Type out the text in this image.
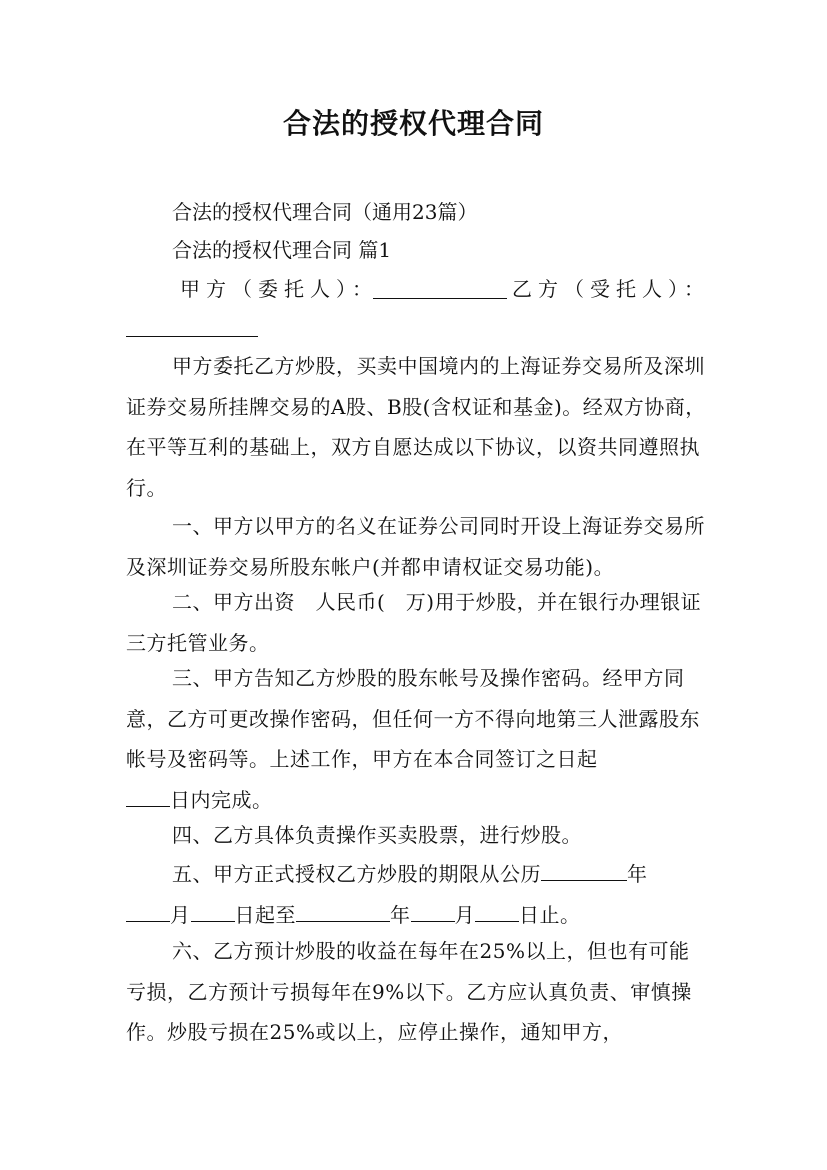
合法的授权代理合同
合法的授权代理合同（通用23篇）
合法的授权代理合同 篇1
甲方（委托人）：	乙方（受托人）：
甲方委托乙方炒股，买卖中国境内的上海证券交易所及深圳证券交易所挂牌交易的A股、B股(含权证和基金)。经双方协商，在平等互利的基础上，双方自愿达成以下协议，以资共同遵照执行。
一、甲方以甲方的名义在证券公司同时开设上海证券交易所及深圳证券交易所股东帐户(并都申请权证交易功能)。
二、甲方出资　人民币(　万)用于炒股，并在银行办理银证三方托管业务。
三、甲方告知乙方炒股的股东帐号及操作密码。经甲方同意，乙方可更改操作密码，但任何一方不得向地第三人泄露股东帐号及密码等。上述工作，甲方在本合同签订之日起
日内完成。
四、乙方具体负责操作买卖股票，进行炒股。
五、甲方正式授权乙方炒股的期限从公历	年
月 日起至	年 月 日止。
六、乙方预计炒股的收益在每年在25%以上，但也有可能亏损，乙方预计亏损每年在9%以下。乙方应认真负责、审慎操作。炒股亏损在25%或以上，应停止操作，通知甲方，
